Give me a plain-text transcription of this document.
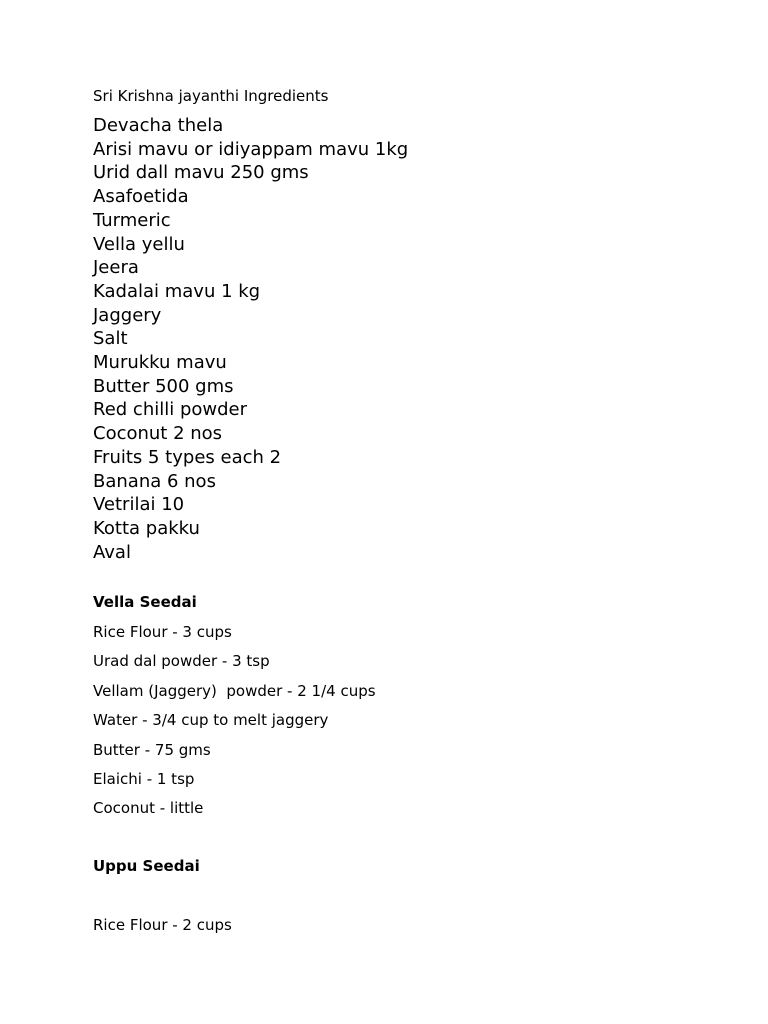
Sri Krishna jayanthi Ingredients
Devacha thela
Arisi mavu or idiyappam mavu 1kg
Urid dall mavu 250 gms
Asafoetida
Turmeric
Vella yellu
Jeera
Kadalai mavu 1 kg
Jaggery
Salt
Murukku mavu
Butter 500 gms
Red chilli powder
Coconut 2 nos
Fruits 5 types each 2
Banana 6 nos
Vetrilai 10
Kotta pakku
Aval
Vella Seedai
Rice Flour - 3 cups
Urad dal powder - 3 tsp
Vellam (Jaggery)  powder - 2 1/4 cups
Water - 3/4 cup to melt jaggery
Butter - 75 gms
Elaichi - 1 tsp
Coconut - little
Uppu Seedai
Rice Flour - 2 cups
